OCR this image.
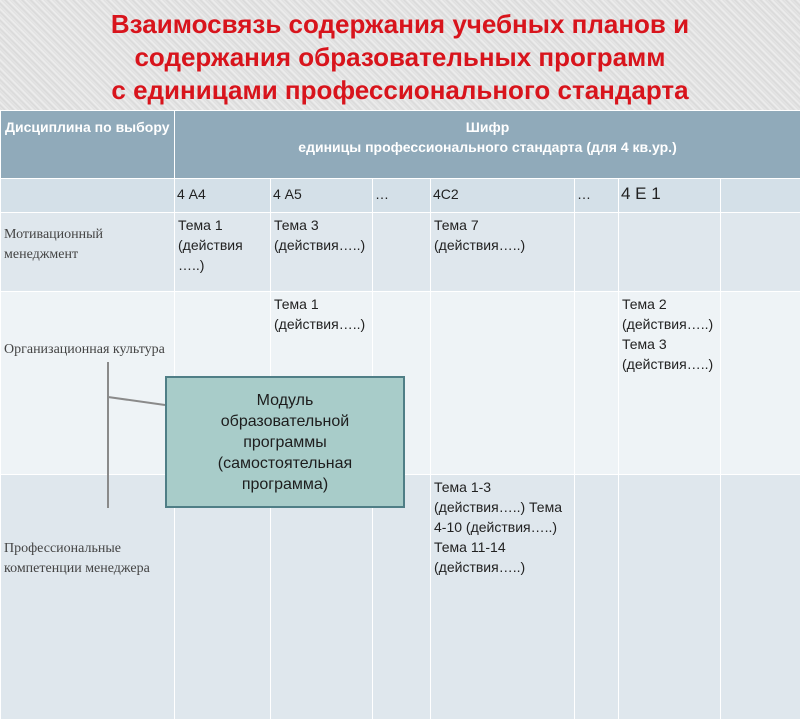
Взаимосвязь содержания учебных планов и
содержания образовательных программ
с единицами профессионального стандарта
Дисциплина по выбору	Шифр
единицы профессионального стандарта (для 4 кв.ур.)						

	4 А4	4 А5	…	4С2	…	4 Е 1	

Мотивационный менеджмент	Тема 1 (действия …..)	Тема 3 (действия…..)		Тема 7 (действия…..)			
Организационная культура		Тема 1 (действия…..)				Тема 2 (действия…..) Тема 3 (действия…..)	
Профессиональные компетенции менеджера				Тема 1-3 (действия…..) Тема 4-10 (действия…..) Тема 11-14 (действия…..)			
Модуль
образовательной
программы
(самостоятельная
программа)
